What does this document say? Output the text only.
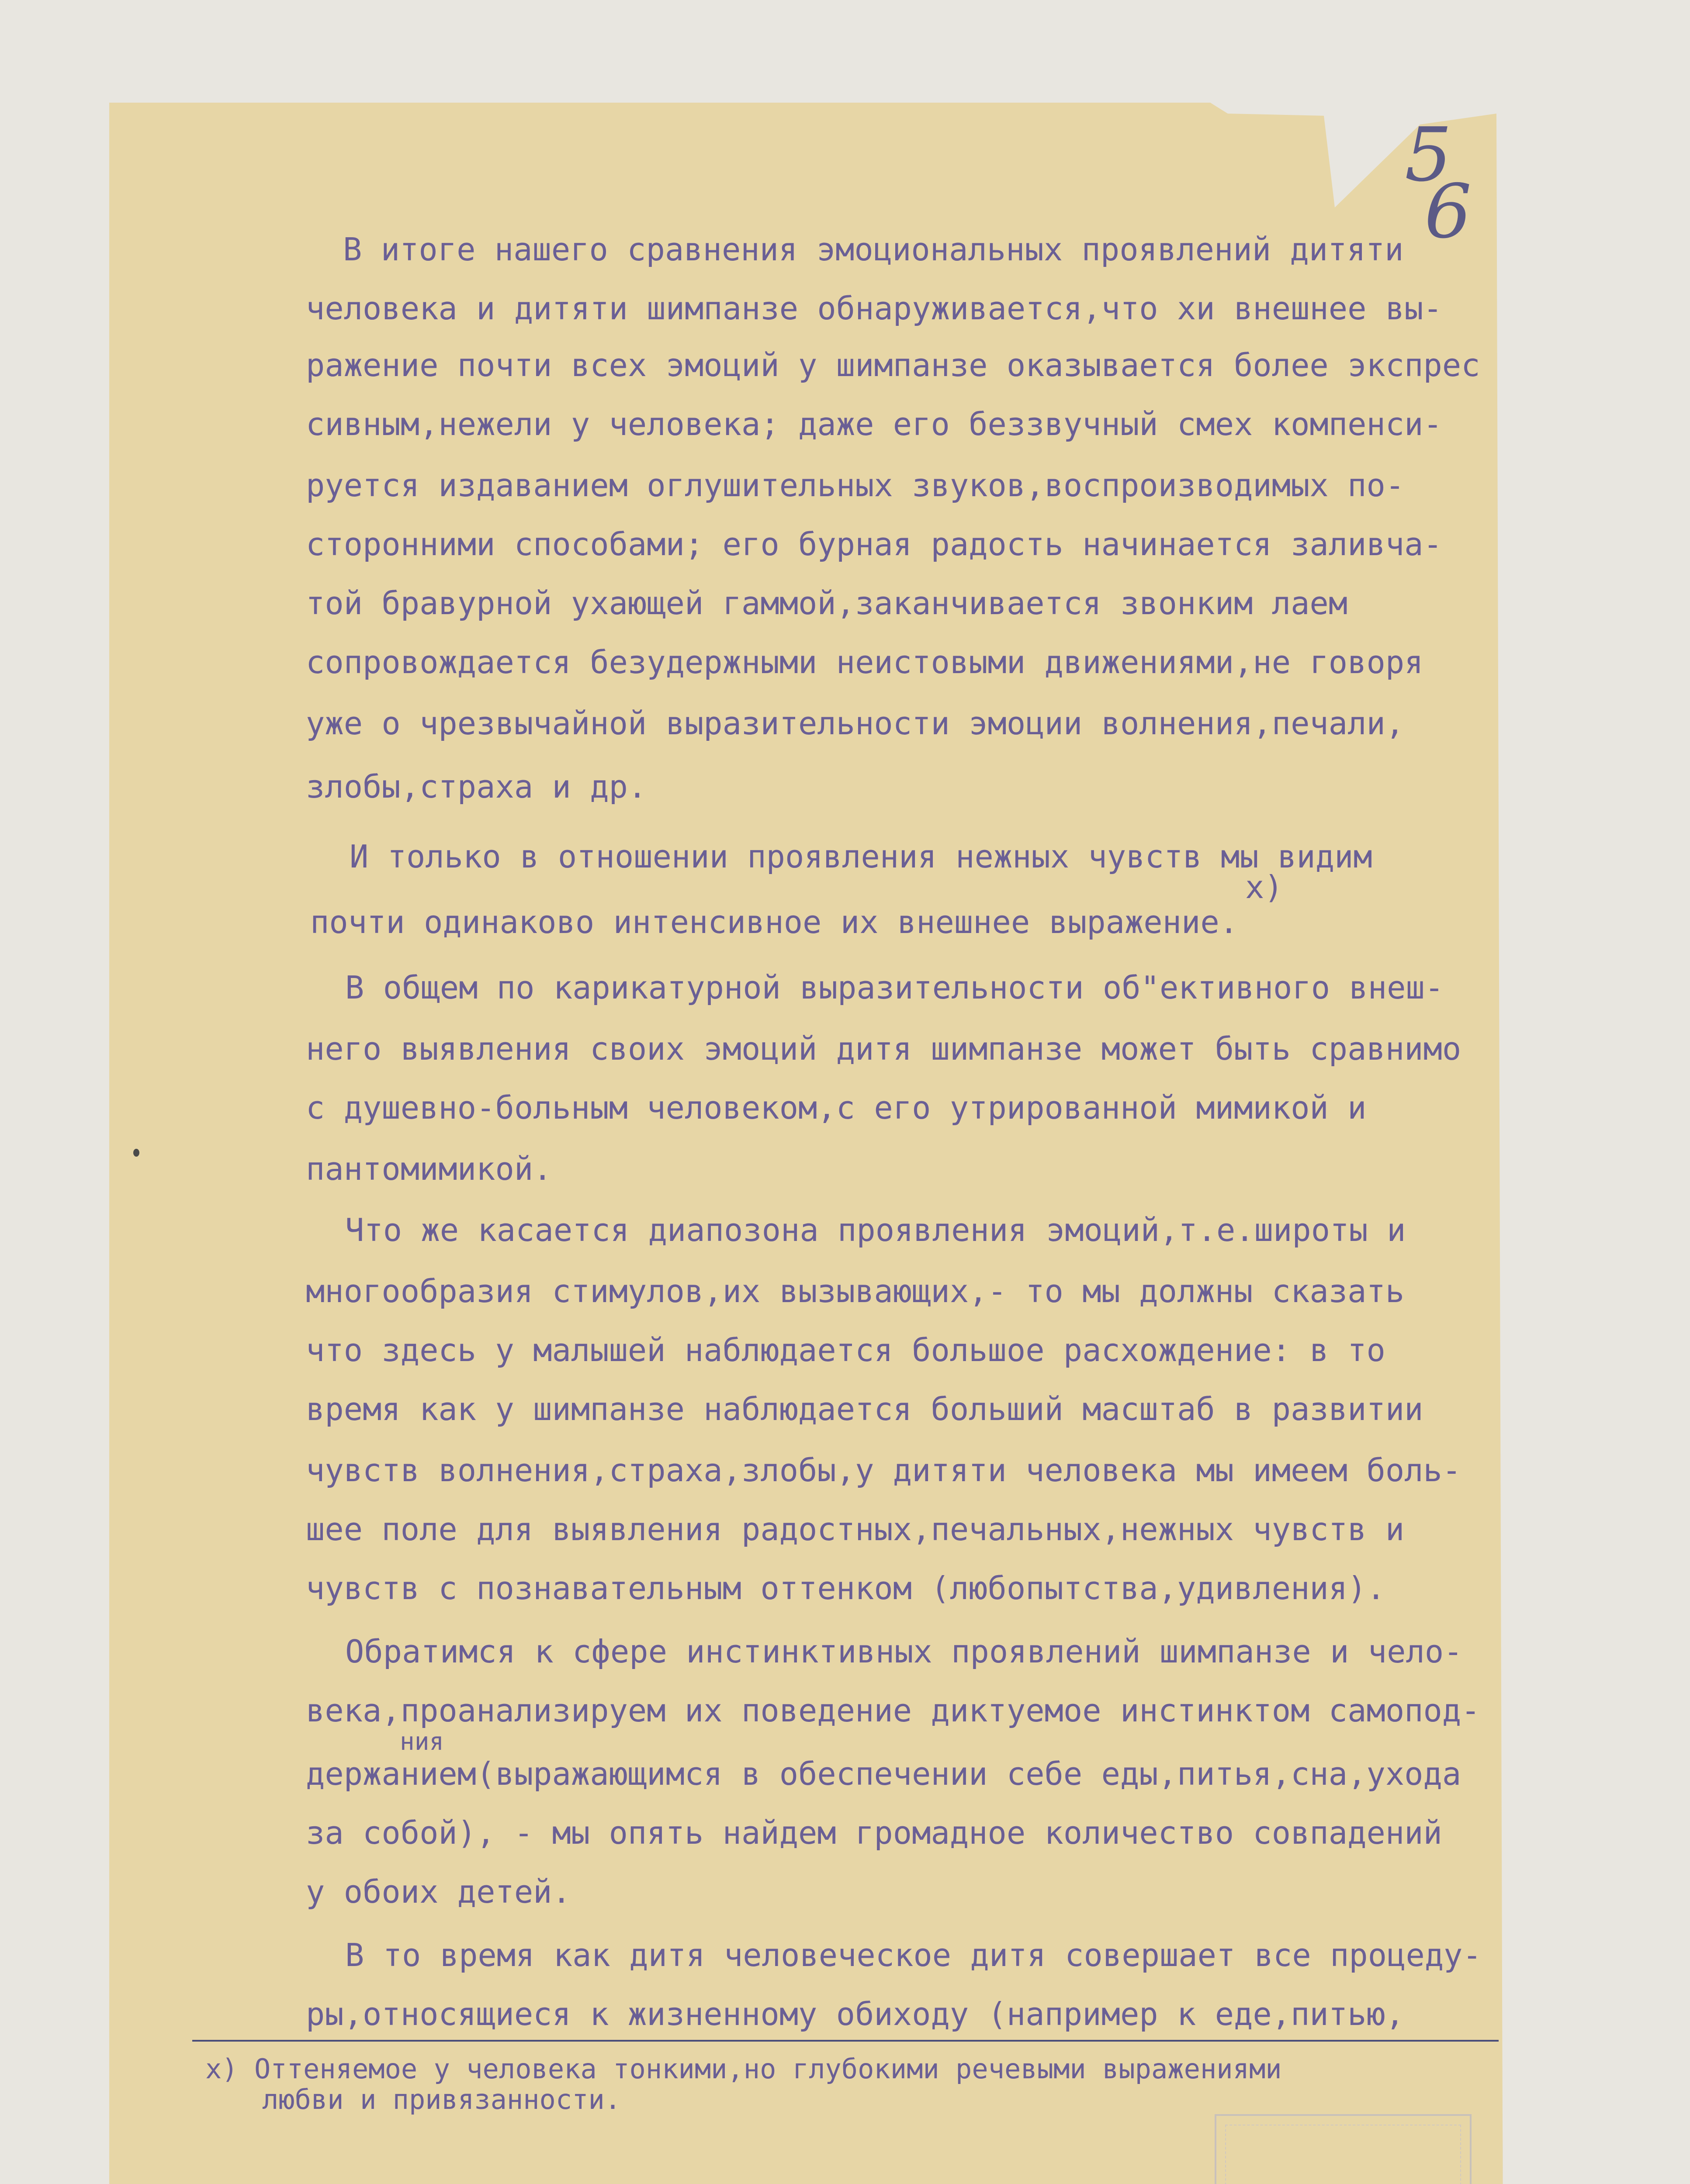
5
6
В итоге нашего сравнения эмоциональных проявлений дитяти
человека и дитяти шимпанзе обнаруживается,что хи внешнее вы-
ражение почти всех эмоций у шимпанзе оказывается более экспрес
сивным,нежели у человека; даже его беззвучный смех компенси-
руется издаванием оглушительных звуков,воспроизводимых по-
сторонними способами; его бурная радость начинается заливча-
той бравурной ухающей гаммой,заканчивается звонким лаем
сопровождается безудержными неистовыми движениями,не говоря
уже о чрезвычайной выразительности эмоции волнения,печали,
злобы,страха и др.
И только в отношении проявления нежных чувств мы видим
x)
почти одинаково интенсивное их внешнее выражение.
В общем по карикатурной выразительности об"ективного внеш-
него выявления своих эмоций дитя шимпанзе может быть сравнимо
с душевно-больным человеком,с его утрированной мимикой и
пантомимикой.
Что же касается диапозона проявления эмоций,т.е.широты и
многообразия стимулов,их вызывающих,- то мы должны сказать
что здесь у малышей наблюдается большое расхождение: в то
время как у шимпанзе наблюдается больший масштаб в развитии
чувств волнения,страха,злобы,у дитяти человека мы имеем боль-
шее поле для выявления радостных,печальных,нежных чувств и
чувств с познавательным оттенком (любопытства,удивления).
Обратимся к сфере инстинктивных проявлений шимпанзе и чело-
века,проанализируем их поведение диктуемое инстинктом самопод-
ния
держанием(выражающимся в обеспечении себе еды,питья,сна,ухода
за собой), - мы опять найдем громадное количество совпадений
у обоих детей.
В то время как дитя человеческое дитя совершает все процеду-
ры,относящиеся к жизненному обиходу (например к еде,питью,
x) Оттеняемое у человека тонкими,но глубокими речевыми выражениями
любви и привязанности.
